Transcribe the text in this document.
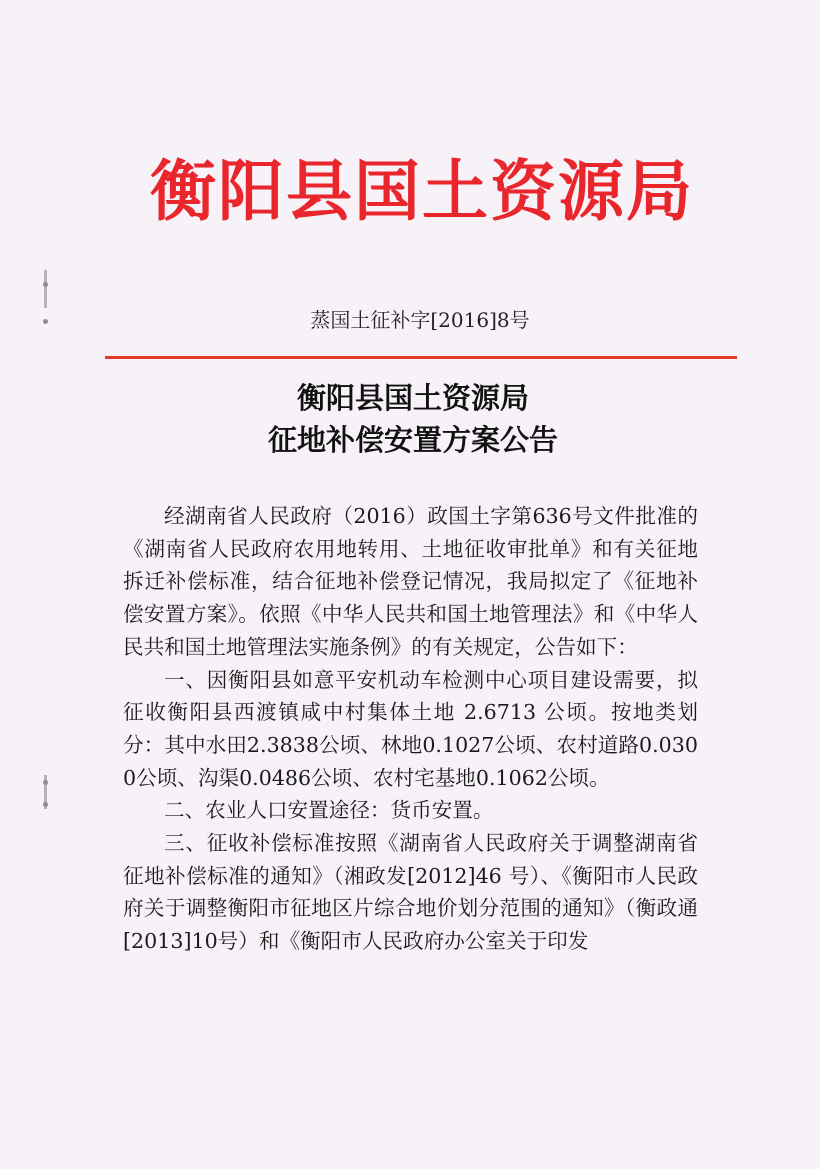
衡阳县国土资源局
蒸国土征补字[2016]8号
衡阳县国土资源局
征地补偿安置方案公告

经湖南省人民政府（2016）政国土字第636号文件批准的《湖南省人民政府农用地转用、土地征收审批单》和有关征地拆迁补偿标准，结合征地补偿登记情况，我局拟定了《征地补偿安置方案》。依照《中华人民共和国土地管理法》和《中华人民共和国土地管理法实施条例》的有关规定，公告如下：

一、因衡阳县如意平安机动车检测中心项目建设需要，拟征收衡阳县西渡镇咸中村集体土地 2.6713 公顷。按地类划分：其中水田2.3838公顷、林地0.1027公顷、农村道路0.0300公顷、沟渠0.0486公顷、农村宅基地0.1062公顷。

二、农业人口安置途径：货币安置。

三、征收补偿标准按照《湖南省人民政府关于调整湖南省征地补偿标准的通知》（湘政发[2012]46 号）、《衡阳市人民政府关于调整衡阳市征地区片综合地价划分范围的通知》（衡政通[2013]10号）和《衡阳市人民政府办公室关于印发
